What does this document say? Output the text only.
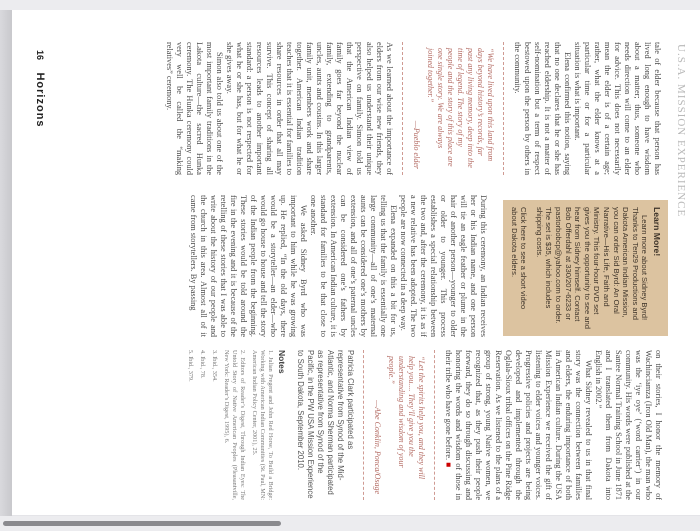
U.S.A. MISSION EXPERIENCE

tale of elder because that person has lived long enough to have wisdom about a matter; thus, someone who needs direction will come to an elder for advice. This does not necessarily mean the elder is of a certain age; rather, what the elder knows at a particular time or for a particular situation is what is important.

Elena confirmed this notion, saying that no one declares that he or she has reached eldership. It is not a matter of self-nomination but a term of respect bestowed upon the person by others in the community.

“We have lived upon this land from days beyond history’s records, far past any living memory, deep into the time of legend. The story of my people and the story of this place are one single story. We are always joined together.”
—Pueblo elder

As we learned about the importance of elders from our wise new friends, they also helped us understand their unique perspective on family. Simon told us that the American Indian view of family goes far beyond the nuclear family, extending to grandparents, uncles, aunts and cousins. In this larger family unit, members work and share together. American Indian tradition teaches that it is essential for families to share resources in order that all may survive. This concept of sharing all resources leads to another important standard: a person is not respected for what he or she has, but for what he or she gives away.

Simon also told us about one of the most important family traditions in the Lakota culture—the sacred Hunka ceremony. The Hunka ceremony could very well be called the “making relatives” ceremony.

Learn More!

Learn more about Sidney Byrd! Thanks to Ten29 Productions and Dakota American Indian Mission, you can order Sid Byrd: An Oral Narrative—His Life, Faith and Ministry. This four-hour DVD set gives you the opportunity to see and hear from Sidney himself. Contact Bob Offerdahl at 330/207-6233 or pastorbobcp@yahoo.com to order. The set is $35, which includes shipping costs.

Click here to see a short video about Dakota elders.

During this ceremony, an Indian receives her or his Indian name, and one person will tie an eagle feather or plume in the hair of another person—younger to older or older to younger. This process establishes a special relationship between the two and, after the ceremony, it is as if a new relative has been adopted. The two people are now connected in a deep way.

Elena expanded on this a bit for us, telling us that the family is essentially one large community—all of one’s maternal aunts can be considered one’s mothers by extension, and all of one’s paternal uncles can be considered one’s fathers by extension. In American Indian culture, it is standard for families to be that close to one another.

We asked Sidney Byrd who was important to him while he was growing up. He replied, “In the old days, there would be a storyteller—an elder—who would go house to house and tell the story of the Indian people from the beginning. These stories would be told around the fire in the evening and it is because of the retelling of these stories that I was able to write about the history of our people and the church in this area. Almost all of it came from storytellers. By passing

on their stories, I honor the memory of Wachinciamza (Iron Old Man), the man who was the ‘iye oye’ (‘word carrier’) in our community. His words were published at the Santee Normal Training School in June 1871 and I translated them from Dakota into English in 2002.”

What Sidney revealed to us in that final story was the connection between families and elders, the enduring importance of both in American Indian culture. During the USA Mission Experience we received the gift of listening to elder voices and younger voices. Progressive policies and projects are being developed and implemented through the Oglala-Sioux tribal offices on the Pine Ridge Reservation. As we listened to the plans of a group of strong, young Native women, we recognized that, as they push their people forward, they do so through discussing and honoring the words and wisdom of those in their tribe who have gone before. ■

“Let the spirits help you, and they will help you.... They’ll give you the understanding and wisdom of your people.”
—Abe Conklin, Ponca/Osage
Patricia Clark participated as representative from Synod of the Mid-Atlantic, and Norma Sherman participated as representative from Synod of the Pacific, in the PW USA Mission Experience to South Dakota, September 2010.
Notes
1. Julian Pregent and John Red Horse, To Build a Bridge: Working with American Indian Communities (St. Paul, MN: American Indian Policy Center, 2001), 25.
2. Editors of Reader’s Digest, Through Indian Eyes: The Untold Story of Native American Peoples (Pleasantville, New York: Reader’s Digest, 1995), 6.
3. Ibid., 354.
4. Ibid., 78.
5. Ibid., 379.
16 Horizons
